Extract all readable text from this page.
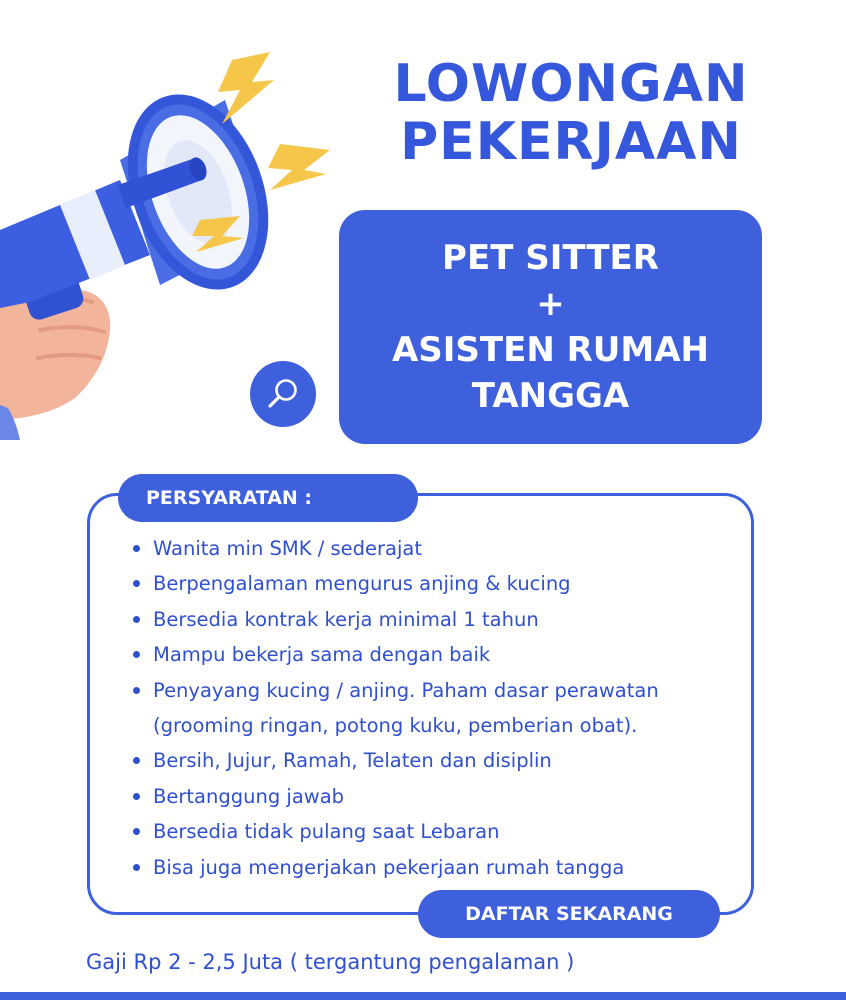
LOWONGAN
PEKERJAAN
PET SITTER
+
ASISTEN RUMAH
TANGGA
PERSYARATAN :
Wanita min SMK / sederajat
Berpengalaman mengurus anjing & kucing
Bersedia kontrak kerja minimal 1 tahun
Mampu bekerja sama dengan baik
Penyayang kucing / anjing. Paham dasar perawatan
(grooming ringan, potong kuku, pemberian obat).
Bersih, Jujur, Ramah, Telaten dan disiplin
Bertanggung jawab
Bersedia tidak pulang saat Lebaran
Bisa juga mengerjakan pekerjaan rumah tangga
DAFTAR SEKARANG
Gaji Rp 2 - 2,5 Juta ( tergantung pengalaman )
